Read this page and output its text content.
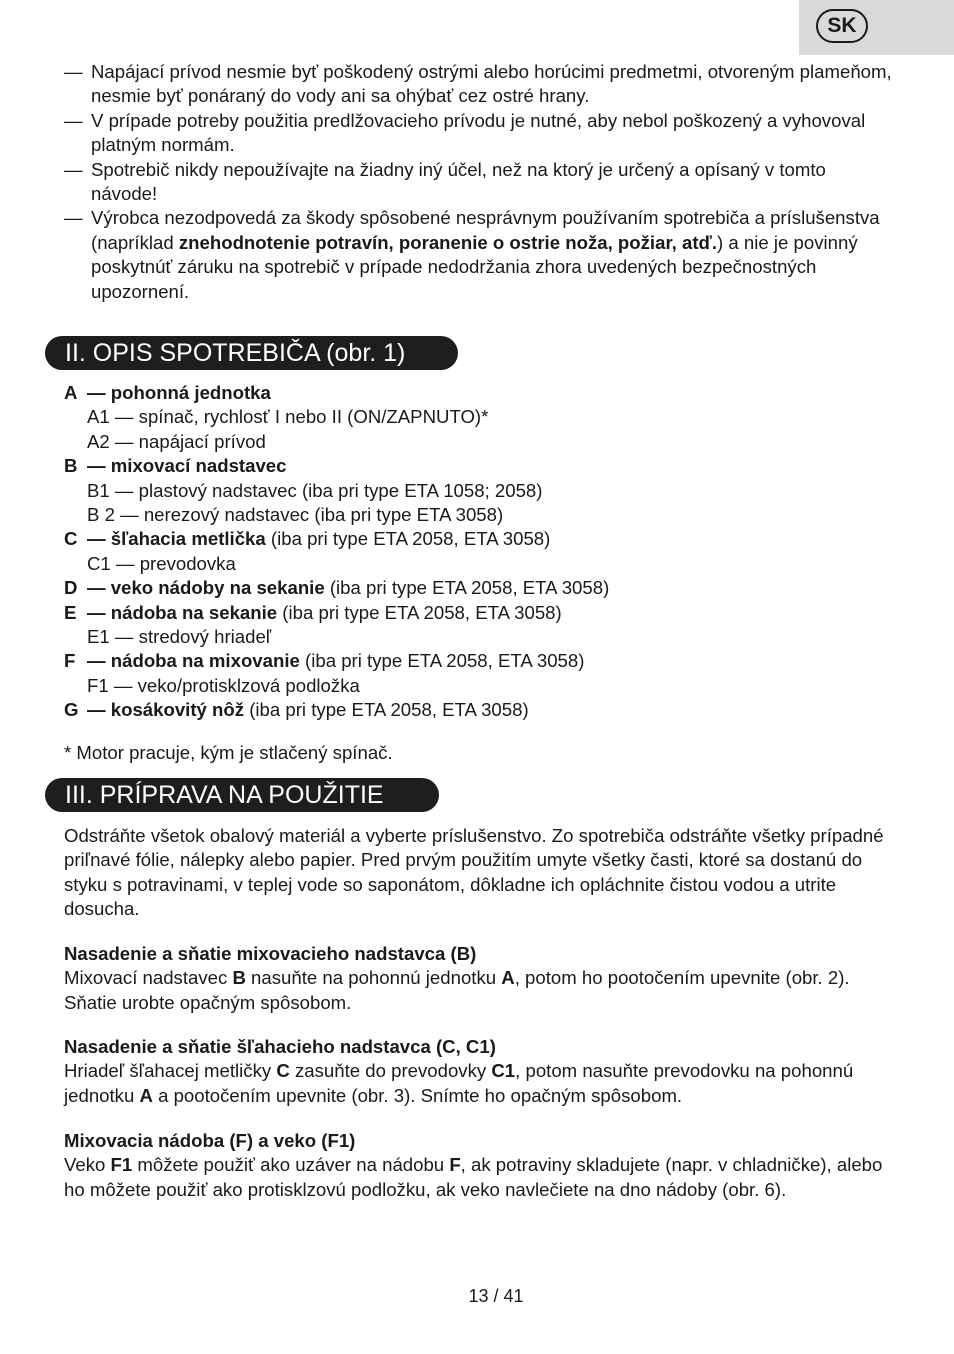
SK
— Napájací prívod nesmie byť poškodený ostrými alebo horúcimi predmetmi, otvoreným plameňom, nesmie byť ponáraný do vody ani sa ohýbať cez ostré hrany.
— V prípade potreby použitia predlžovacieho prívodu je nutné, aby nebol poškozený a vyhovoval platným normám.
— Spotrebič nikdy nepoužívajte na žiadny iný účel, než na ktorý je určený a opísaný v tomto návode!
— Výrobca nezodpovedá za škody spôsobené nesprávnym používaním spotrebiča a príslušenstva (napríklad znehodnotenie potravín, poranenie o ostrie noža, požiar, atď.) a nie je povinný poskytnúť záruku na spotrebič v prípade nedodržania zhora uvedených bezpečnostných upozornení.
II. OPIS SPOTREBIČA (obr. 1)
A — pohonná jednotka
A1 — spínač, rychlosť I nebo II (ON/ZAPNUTO)*
A2 — napájací prívod
B — mixovací nadstavec
B1 — plastový nadstavec (iba pri type ETA 1058; 2058)
B 2 — nerezový nadstavec (iba pri type ETA 3058)
C — šľahacia metlička (iba pri type ETA 2058, ETA 3058)
C1 — prevodovka
D — veko nádoby na sekanie (iba pri type ETA 2058, ETA 3058)
E — nádoba na sekanie (iba pri type ETA 2058, ETA 3058)
E1 — stredový hriadeľ
F — nádoba na mixovanie (iba pri type ETA 2058, ETA 3058)
F1 — veko/protisklzová podložka
G — kosákovitý nôž (iba pri type ETA 2058, ETA 3058)
* Motor pracuje, kým je stlačený spínač.
III. PRÍPRAVA NA POUŽITIE
Odstráňte všetok obalový materiál a vyberte príslušenstvo. Zo spotrebiča odstráňte všetky prípadné priľnavé fólie, nálepky alebo papier. Pred prvým použitím umyte všetky časti, ktoré sa dostanú do styku s potravinami, v teplej vode so saponátom, dôkladne ich opláchnite čistou vodou a utrite dosucha.
Nasadenie a sňatie mixovacieho nadstavca (B)
Mixovací nadstavec B nasuňte na pohonnú jednotku A, potom ho pootočením upevnite (obr. 2). Sňatie urobte opačným spôsobom.
Nasadenie a sňatie šľahacieho nadstavca (C, C1)
Hriadeľ šľahacej metličky C zasuňte do prevodovky C1, potom nasuňte prevodovku na pohonnú jednotku A a pootočením upevnite (obr. 3). Snímte ho opačným spôsobom.
Mixovacia nádoba (F) a veko (F1)
Veko F1 môžete použiť ako uzáver na nádobu F, ak potraviny skladujete (napr. v chladničke), alebo ho môžete použiť ako protisklzovú podložku, ak veko navlečiete na dno nádoby (obr. 6).
13 / 41
